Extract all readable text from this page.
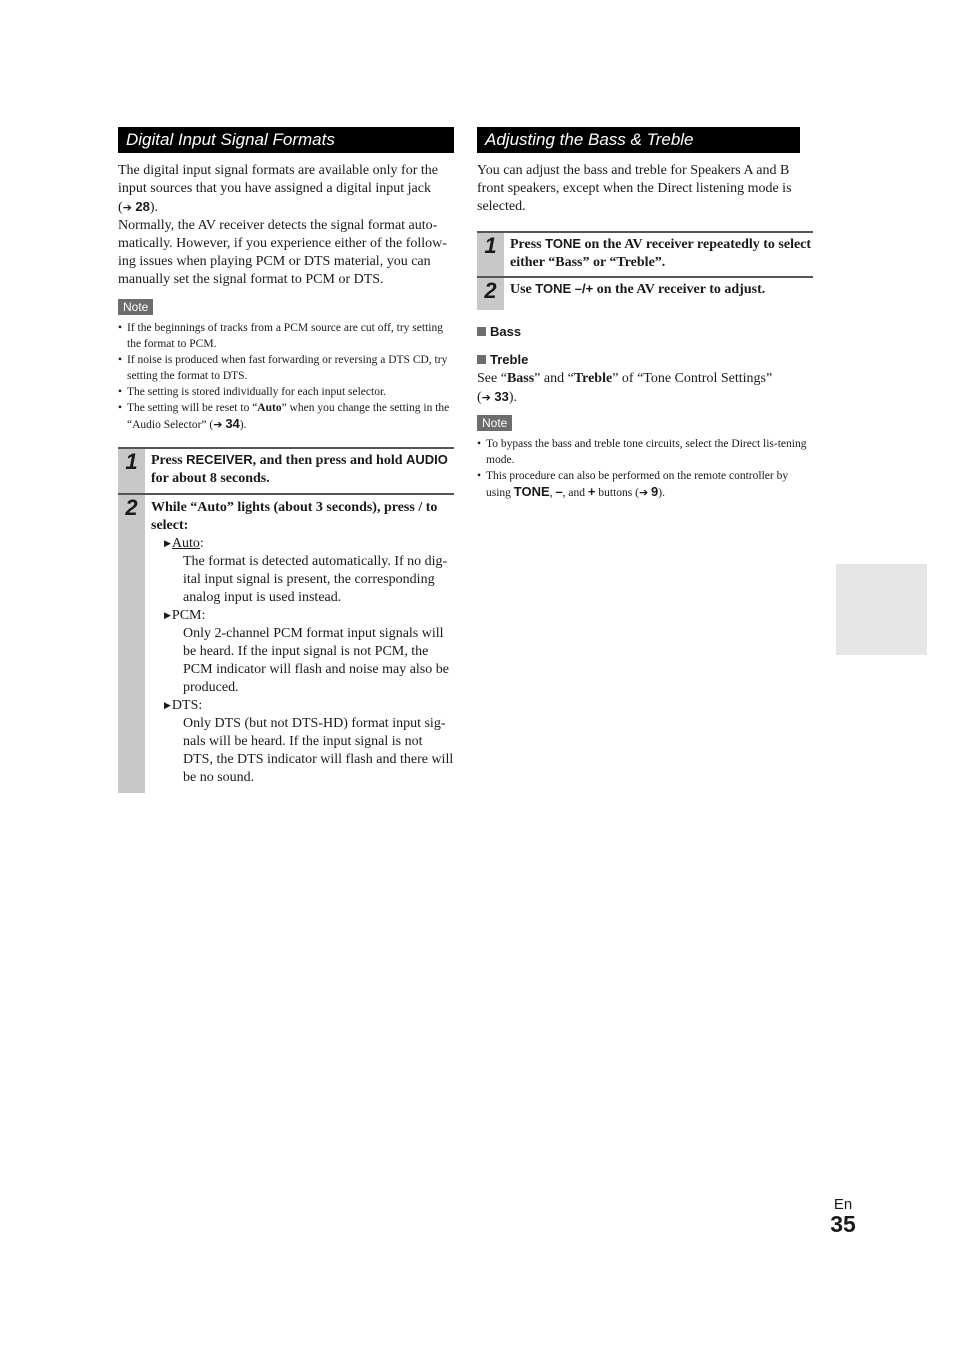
Digital Input Signal Formats

The digital input signal formats are available only for the input sources that you have assigned a digital input jack (➔ 28).

Normally, the AV receiver detects the signal format auto-matically. However, if you experience either of the follow-ing issues when playing PCM or DTS material, you can manually set the signal format to PCM or DTS.

Note
• If the beginnings of tracks from a PCM source are cut off, try setting the format to PCM.
• If noise is produced when fast forwarding or reversing a DTS CD, try setting the format to DTS.
• The setting is stored individually for each input selector.
• The setting will be reset to “Auto” when you change the setting in the “Audio Selector” (➔ 34).
1 Press RECEIVER, and then press and hold AUDIO for about 8 seconds.
2 While “Auto” lights (about 3 seconds), press / to select:
▶Auto:
The format is detected automatically. If no dig-ital input signal is present, the corresponding analog input is used instead.
▶PCM:
Only 2-channel PCM format input signals will be heard. If the input signal is not PCM, the PCM indicator will flash and noise may also be produced.
▶DTS:
Only DTS (but not DTS-HD) format input sig-nals will be heard. If the input signal is not DTS, the DTS indicator will flash and there will be no sound.
Adjusting the Bass & Treble

You can adjust the bass and treble for Speakers A and B front speakers, except when the Direct listening mode is selected.

1 Press TONE on the AV receiver repeatedly to select either “Bass” or “Treble”.
2 Use TONE –/+ on the AV receiver to adjust.
Bass
Treble

See “Bass” and “Treble” of “Tone Control Settings” (➔ 33).

Note
• To bypass the bass and treble tone circuits, select the Direct lis-tening mode.
• This procedure can also be performed on the remote controller by using TONE, –, and + buttons (➔ 9).
En
35
